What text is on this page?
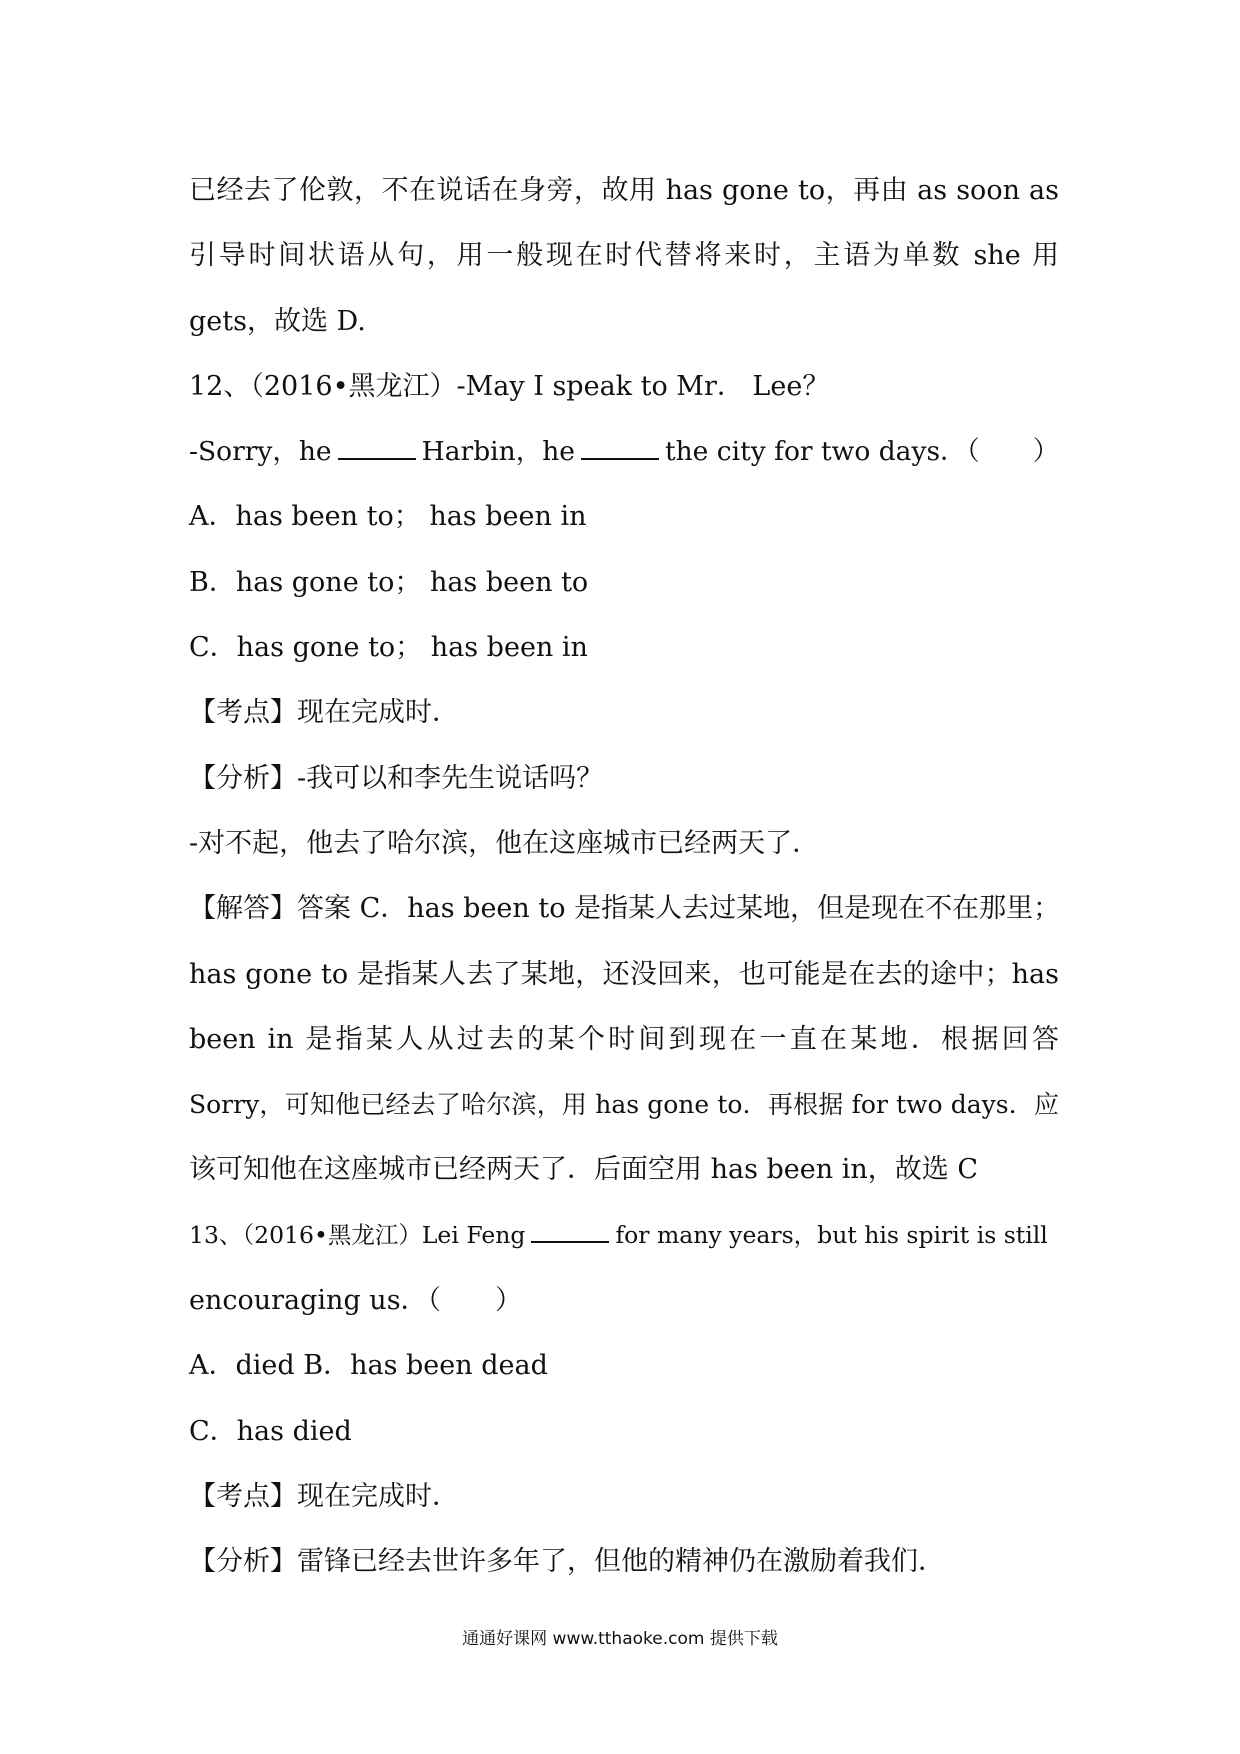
已经去了伦敦，不在说话在身旁，故用 has gone to，再由 as soon as
引导时间状语从句，用一般现在时代替将来时，主语为单数 she 用
gets，故选 D.
12、（2016•黑龙江）-May I speak to Mr． Lee？
-Sorry，he	Harbin，he	the city for two days．（　　）
A．has been to； has been in
B．has gone to； has been to
C．has gone to； has been in
【考点】现在完成时．
【分析】-我可以和李先生说话吗？
-对不起，他去了哈尔滨，他在这座城市已经两天了．
【解答】答案 C．has been to 是指某人去过某地，但是现在不在那里；
has gone to 是指某人去了某地，还没回来，也可能是在去的途中；has
been in 是指某人从过去的某个时间到现在一直在某地．根据回答
Sorry，可知他已经去了哈尔滨，用 has gone to．再根据 for two days．应
该可知他在这座城市已经两天了．后面空用 has been in，故选 C
13、（2016•黑龙江）Lei Feng	for many years，but his spirit is still
encouraging us．（　　）
A．died B．has been dead
C．has died
【考点】现在完成时．
【分析】雷锋已经去世许多年了，但他的精神仍在激励着我们．
通通好课网 www.tthaoke.com 提供下载
